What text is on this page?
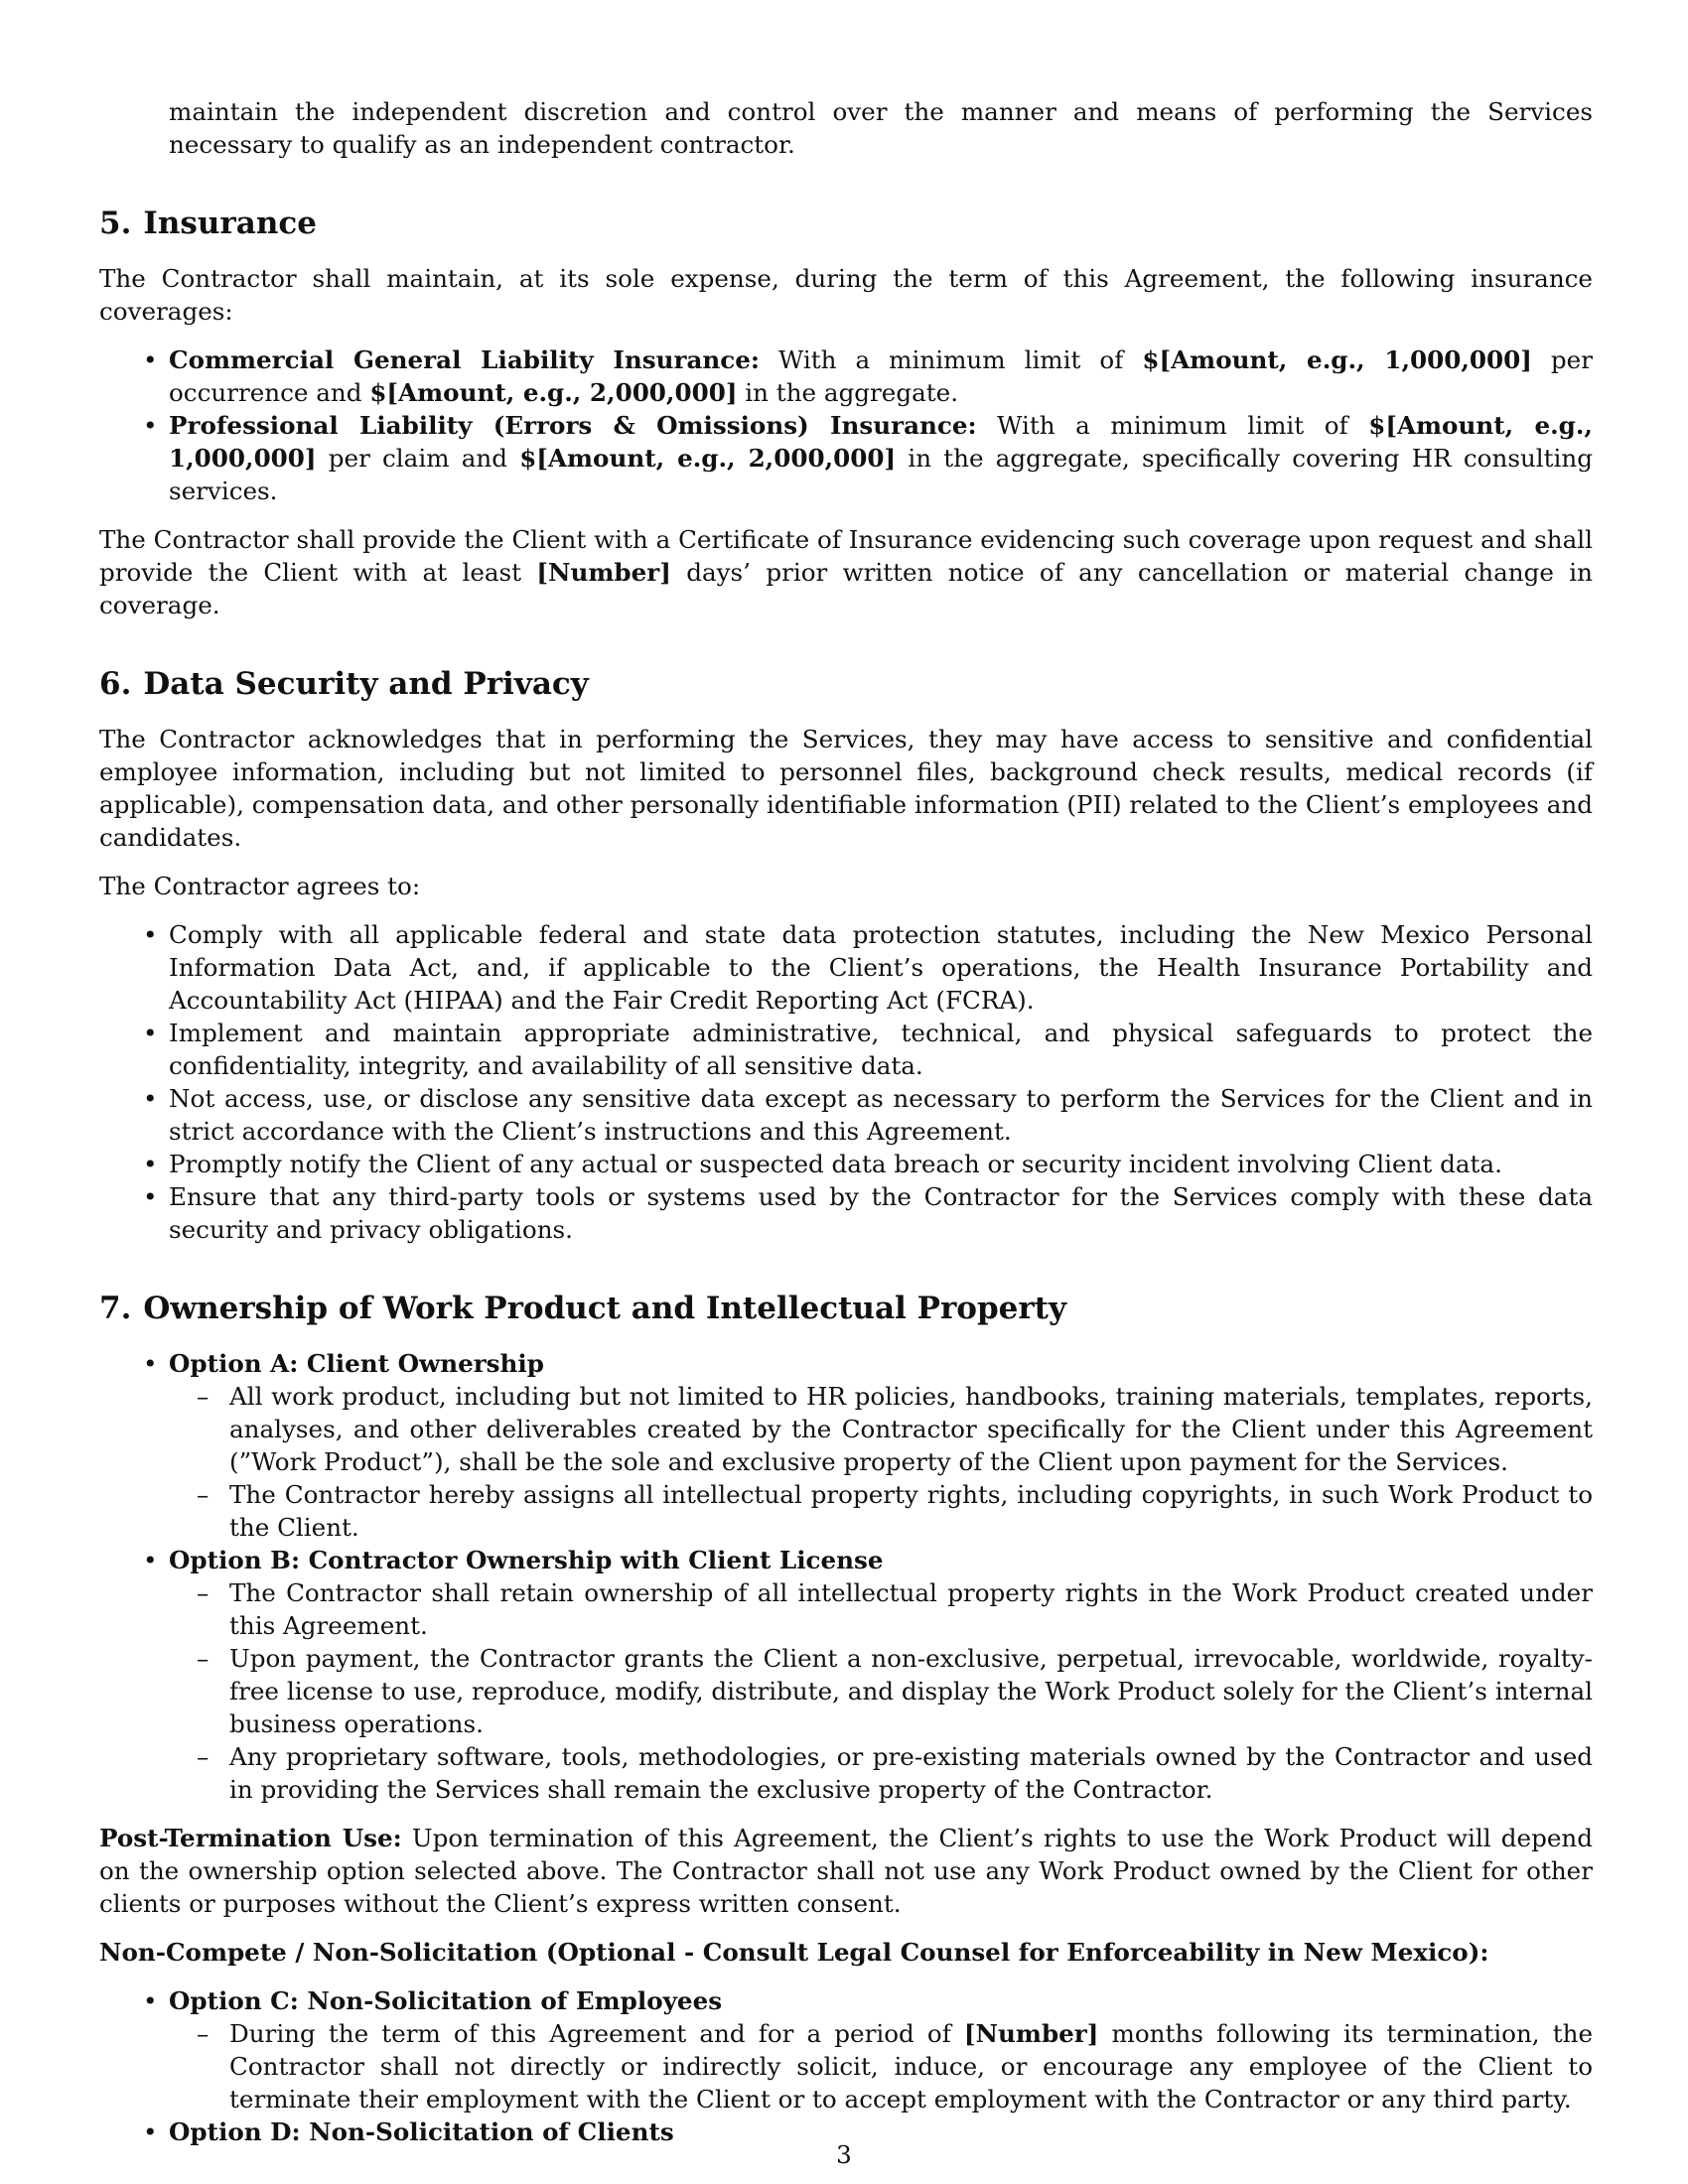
maintain the independent discretion and control over the manner and means of performing the Services necessary to qualify as an independent contractor.

5. Insurance

The Contractor shall maintain, at its sole expense, during the term of this Agreement, the following insurance coverages:

• Commercial General Liability Insurance: With a minimum limit of $[Amount, e.g., 1,000,000] per occurrence and $[Amount, e.g., 2,000,000] in the aggregate.
• Professional Liability (Errors & Omissions) Insurance: With a minimum limit of $[Amount, e.g., 1,000,000] per claim and $[Amount, e.g., 2,000,000] in the aggregate, specifically covering HR consulting services.

The Contractor shall provide the Client with a Certificate of Insurance evidencing such coverage upon request and shall provide the Client with at least [Number] days’ prior written notice of any cancellation or material change in coverage.

6. Data Security and Privacy

The Contractor acknowledges that in performing the Services, they may have access to sensitive and confidential employee information, including but not limited to personnel files, background check results, medical records (if applicable), compensation data, and other personally identifiable information (PII) related to the Client’s employees and candidates.

The Contractor agrees to:

• Comply with all applicable federal and state data protection statutes, including the New Mexico Personal Information Data Act, and, if applicable to the Client’s operations, the Health Insurance Portability and Accountability Act (HIPAA) and the Fair Credit Reporting Act (FCRA).
• Implement and maintain appropriate administrative, technical, and physical safeguards to protect the confidentiality, integrity, and availability of all sensitive data.
• Not access, use, or disclose any sensitive data except as necessary to perform the Services for the Client and in strict accordance with the Client’s instructions and this Agreement.
• Promptly notify the Client of any actual or suspected data breach or security incident involving Client data.
• Ensure that any third-party tools or systems used by the Contractor for the Services comply with these data security and privacy obligations.
7. Ownership of Work Product and Intellectual Property
• Option A: Client Ownership
– All work product, including but not limited to HR policies, handbooks, training materials, templates, reports, analyses, and other deliverables created by the Contractor specifically for the Client under this Agreement (”Work Product”), shall be the sole and exclusive property of the Client upon payment for the Services.
– The Contractor hereby assigns all intellectual property rights, including copyrights, in such Work Product to the Client.
• Option B: Contractor Ownership with Client License
– The Contractor shall retain ownership of all intellectual property rights in the Work Product created under this Agreement.
– Upon payment, the Contractor grants the Client a non-exclusive, perpetual, irrevocable, worldwide, royalty-free license to use, reproduce, modify, distribute, and display the Work Product solely for the Client’s internal business operations.
– Any proprietary software, tools, methodologies, or pre-existing materials owned by the Contractor and used in providing the Services shall remain the exclusive property of the Contractor.

Post-Termination Use: Upon termination of this Agreement, the Client’s rights to use the Work Product will depend on the ownership option selected above. The Contractor shall not use any Work Product owned by the Client for other clients or purposes without the Client’s express written consent.

Non-Compete / Non-Solicitation (Optional - Consult Legal Counsel for Enforceability in New Mexico):

• Option C: Non-Solicitation of Employees
– During the term of this Agreement and for a period of [Number] months following its termination, the Contractor shall not directly or indirectly solicit, induce, or encourage any employee of the Client to terminate their employment with the Client or to accept employment with the Contractor or any third party.
• Option D: Non-Solicitation of Clients
3
